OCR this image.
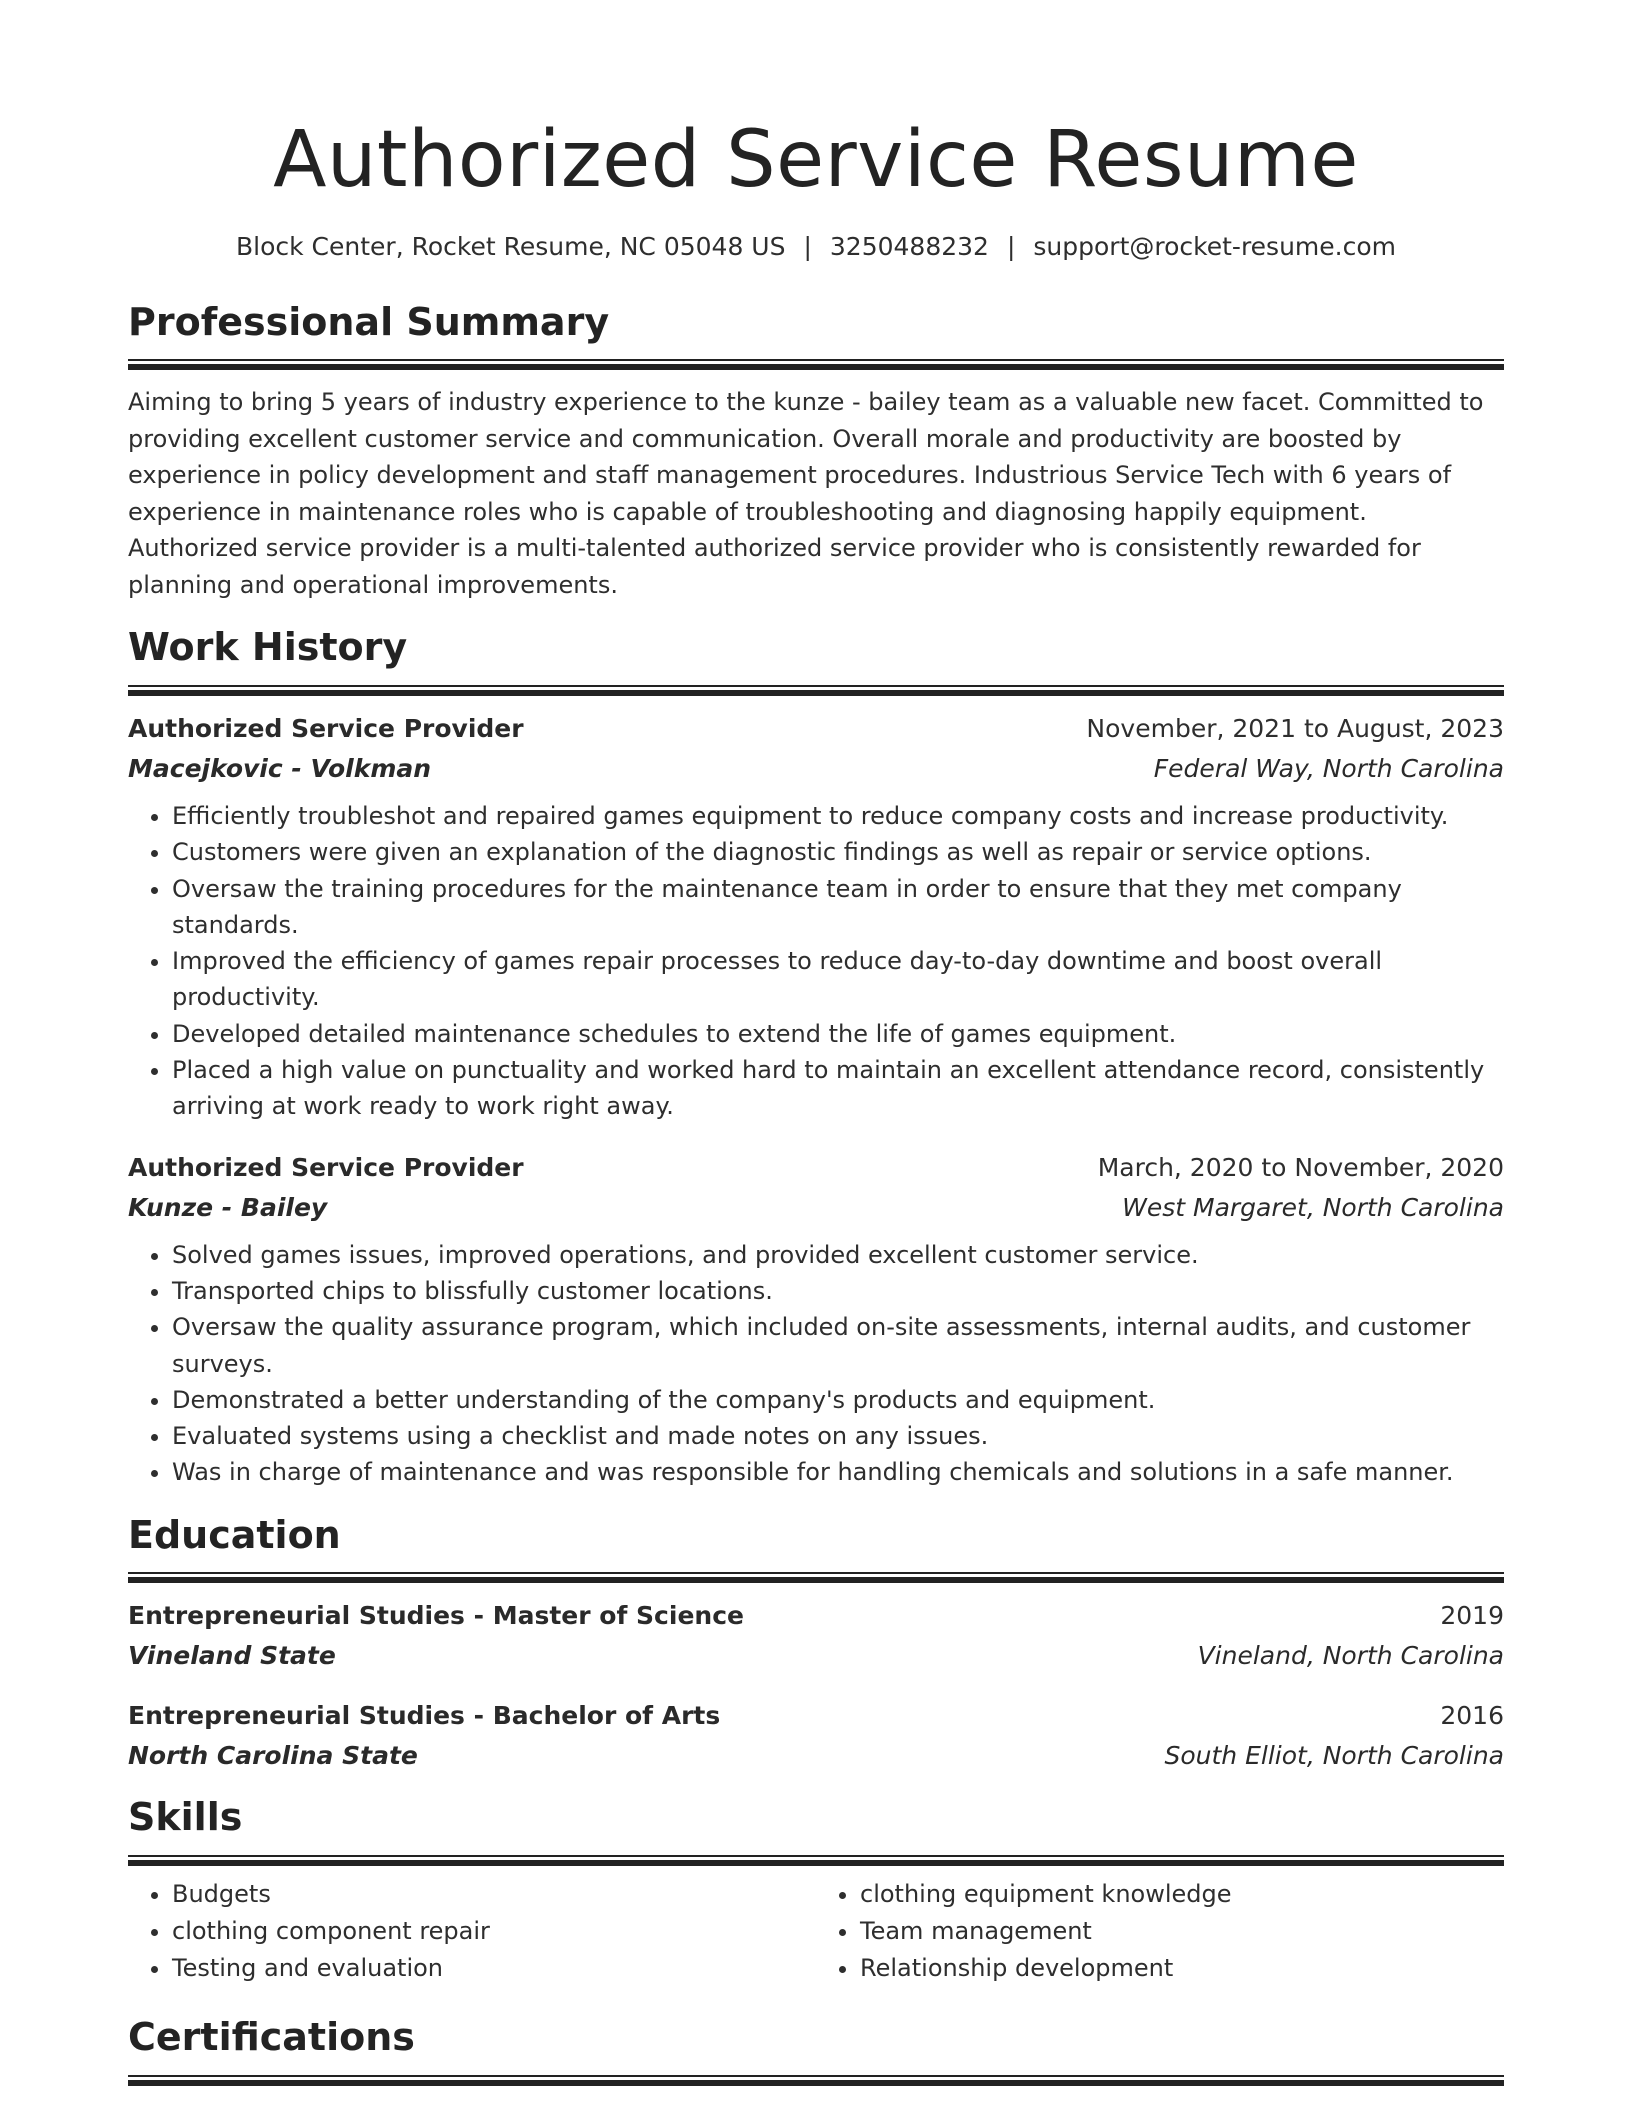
Authorized Service Resume
Block Center, Rocket Resume, NC 05048 US | 3250488232 | support@rocket-resume.com
Professional Summary
Aiming to bring 5 years of industry experience to the kunze - bailey team as a valuable new facet. Committed to providing excellent customer service and communication. Overall morale and productivity are boosted by experience in policy development and staff management procedures. Industrious Service Tech with 6 years of experience in maintenance roles who is capable of troubleshooting and diagnosing happily equipment. Authorized service provider is a multi-talented authorized service provider who is consistently rewarded for planning and operational improvements.
Work History
Authorized Service Provider	November, 2021 to August, 2023
Macejkovic - Volkman	Federal Way, North Carolina
• Efficiently troubleshot and repaired games equipment to reduce company costs and increase productivity.
• Customers were given an explanation of the diagnostic findings as well as repair or service options.
• Oversaw the training procedures for the maintenance team in order to ensure that they met company standards.
• Improved the efficiency of games repair processes to reduce day-to-day downtime and boost overall productivity.
• Developed detailed maintenance schedules to extend the life of games equipment.
• Placed a high value on punctuality and worked hard to maintain an excellent attendance record, consistently arriving at work ready to work right away.
Authorized Service Provider	March, 2020 to November, 2020
Kunze - Bailey	West Margaret, North Carolina
• Solved games issues, improved operations, and provided excellent customer service.
• Transported chips to blissfully customer locations.
• Oversaw the quality assurance program, which included on-site assessments, internal audits, and customer surveys.
• Demonstrated a better understanding of the company's products and equipment.
• Evaluated systems using a checklist and made notes on any issues.
• Was in charge of maintenance and was responsible for handling chemicals and solutions in a safe manner.
Education
Entrepreneurial Studies - Master of Science	2019
Vineland State	Vineland, North Carolina
Entrepreneurial Studies - Bachelor of Arts	2016
North Carolina State	South Elliot, North Carolina
Skills
• Budgets
• clothing component repair
• Testing and evaluation
• clothing equipment knowledge
• Team management
• Relationship development
Certifications
